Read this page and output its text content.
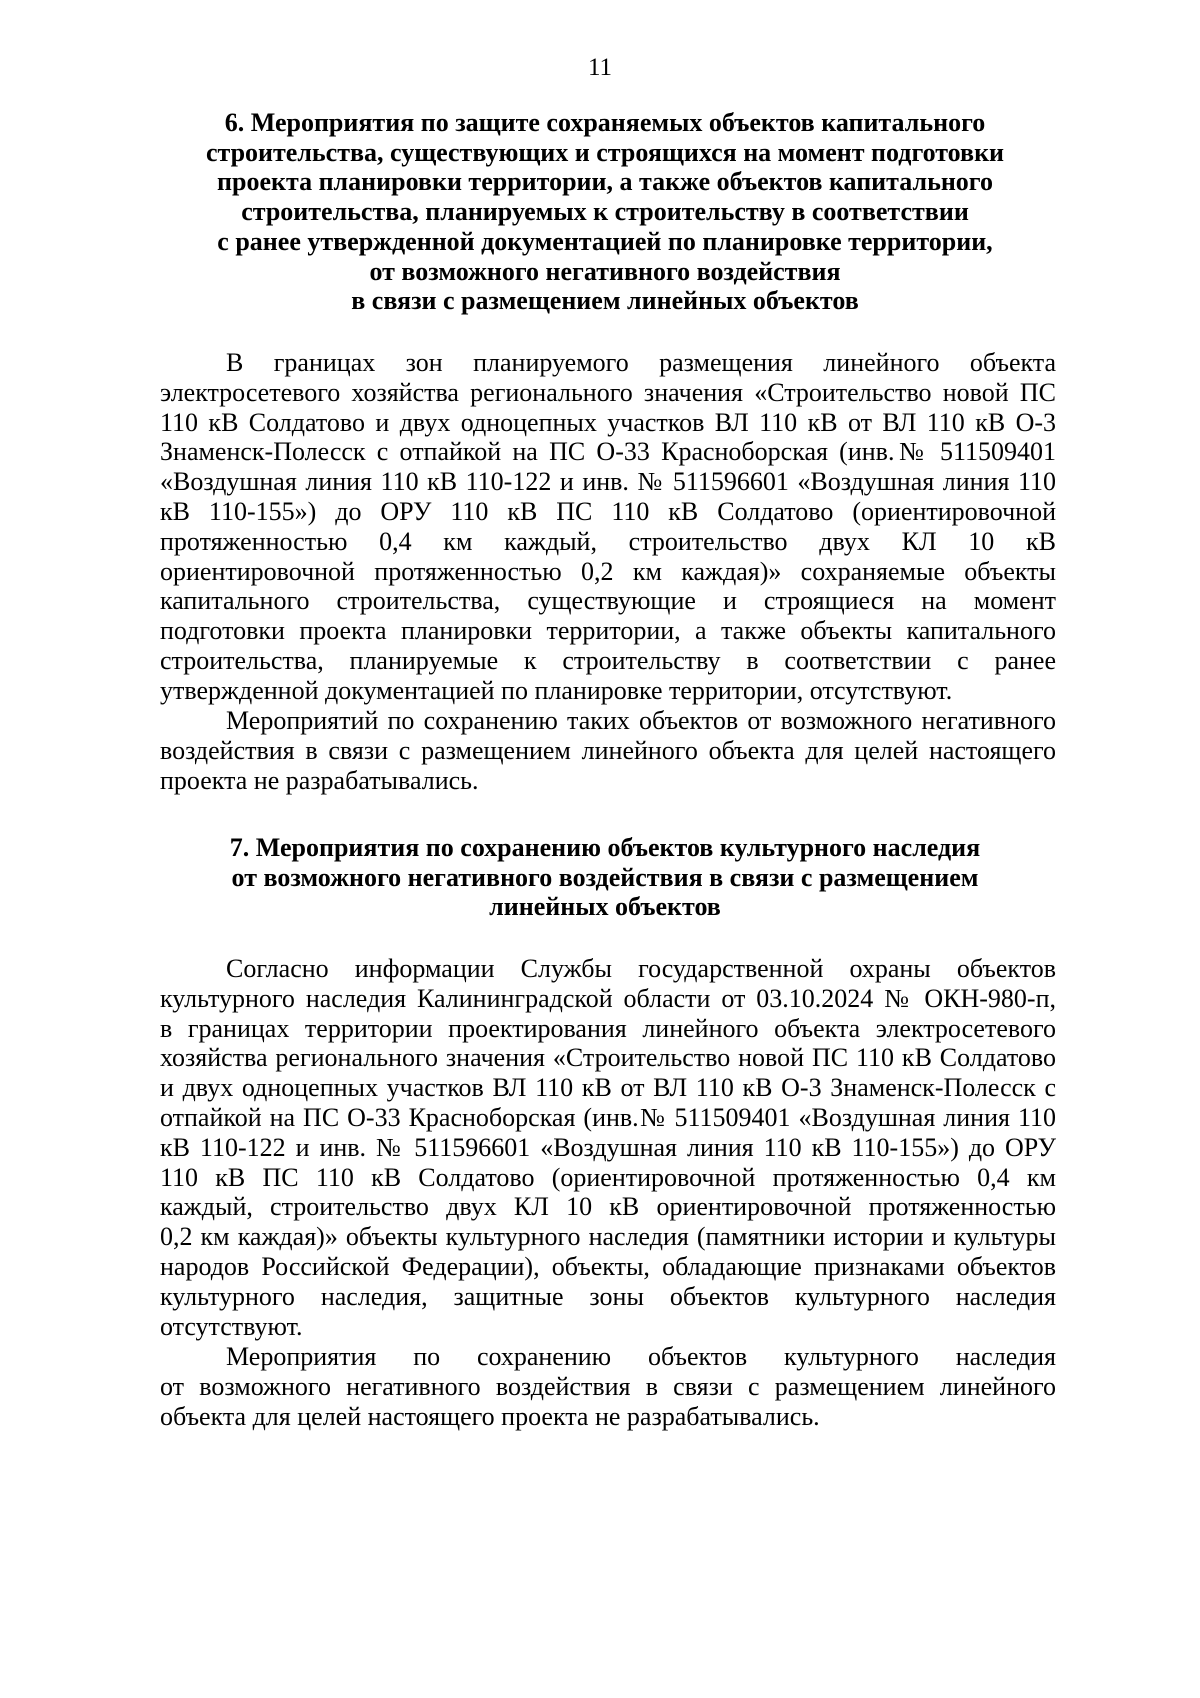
11
6. Мероприятия по защите сохраняемых объектов капитального
строительства, существующих и строящихся на момент подготовки
проекта планировки территории, а также объектов капитального
строительства, планируемых к строительству в соответствии
с ранее утвержденной документацией по планировке территории,
от возможного негативного воздействия
в связи с размещением линейных объектов
В границах зон планируемого размещения линейного объекта
электросетевого хозяйства регионального значения «Строительство новой ПС
110 кВ Солдатово и двух одноцепных участков ВЛ 110 кВ от ВЛ 110 кВ О-3
Знаменск-Полесск с отпайкой на ПС О-33 Красноборская (инв.№ 511509401
«Воздушная линия 110 кВ 110-122 и инв. № 511596601 «Воздушная линия 110
кВ 110-155») до ОРУ 110 кВ ПС 110 кВ Солдатово (ориентировочной
протяженностью 0,4 км каждый, строительство двух КЛ 10 кВ
ориентировочной протяженностью 0,2 км каждая)» сохраняемые объекты
капитального строительства, существующие и строящиеся на момент
подготовки проекта планировки территории, а также объекты капитального
строительства, планируемые к строительству в соответствии с ранее
утвержденной документацией по планировке территории, отсутствуют.
Мероприятий по сохранению таких объектов от возможного негативного
воздействия в связи с размещением линейного объекта для целей настоящего
проекта не разрабатывались.
7. Мероприятия по сохранению объектов культурного наследия
от возможного негативного воздействия в связи с размещением
линейных объектов
Согласно информации Службы государственной охраны объектов
культурного наследия Калининградской области от 03.10.2024 № ОКН-980-п,
в границах территории проектирования линейного объекта электросетевого
хозяйства регионального значения «Строительство новой ПС 110 кВ Солдатово
и двух одноцепных участков ВЛ 110 кВ от ВЛ 110 кВ О-3 Знаменск-Полесск с
отпайкой на ПС О-33 Красноборская (инв.№ 511509401 «Воздушная линия 110
кВ 110-122 и инв. № 511596601 «Воздушная линия 110 кВ 110-155») до ОРУ
110 кВ ПС 110 кВ Солдатово (ориентировочной протяженностью 0,4 км
каждый, строительство двух КЛ 10 кВ ориентировочной протяженностью
0,2 км каждая)» объекты культурного наследия (памятники истории и культуры
народов Российской Федерации), объекты, обладающие признаками объектов
культурного наследия, защитные зоны объектов культурного наследия
отсутствуют.
Мероприятия по сохранению объектов культурного наследия
от возможного негативного воздействия в связи с размещением линейного
объекта для целей настоящего проекта не разрабатывались.
